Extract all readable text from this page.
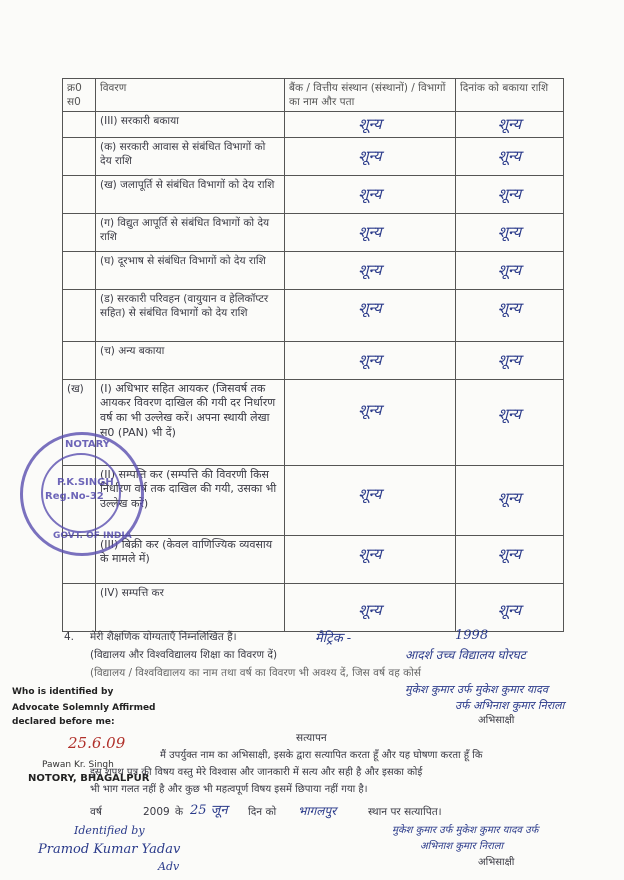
क्र0 स0	विवरण	बैंक / वित्तीय संस्थान (संस्थानों) / विभागों का नाम और पता	दिनांक को बकाया राशि
	(III) सरकारी बकाया	शून्य	शून्य

	(क) सरकारी आवास से संबंधित विभागों को देय राशि	शून्य	शून्य

	(ख) जलापूर्ति से संबंधित विभागों को देय राशि	शून्य	शून्य

	(ग) विद्युत आपूर्ति से संबंधित विभागों को देय राशि	शून्य	शून्य

	(घ) दूरभाष से संबंधित विभागों को देय राशि	शून्य	शून्य

	(ड) सरकारी परिवहन (वायुयान व हेलिकॉप्टर सहित) से संबंधित विभागों को देय राशि	शून्य	शून्य

	(च) अन्य बकाया	शून्य	शून्य

(ख)	(I) अधिभार सहित आयकर (जिसवर्ष तक आयकर विवरण दाखिल की गयी दर निर्धारण वर्ष का भी उल्लेख करें। अपना स्थायी लेखा स0 (PAN) भी दें)	शून्य	शून्य

	(II) सम्पत्ति कर (सम्पत्ति की विवरणी किस निर्धारण वर्ष तक दाखिल की गयी, उसका भी उल्लेख करें)	शून्य	शून्य

	(III) बिक्री कर (केवल वाणिज्यिक व्यवसाय के मामले में)	शून्य	शून्य

	(IV) सम्पत्ति कर	शून्य	शून्य
4. मेरी शैक्षणिक योग्यताएँ निम्नलिखित हैं।
(विद्यालय और विश्वविद्यालय शिक्षा का विवरण दें)
(विद्यालय / विश्वविद्यालय का नाम तथा वर्ष का विवरण भी अवश्य दें, जिस वर्ष वह कोर्स
मैट्रिक -	1998
आदर्श उच्च विद्यालय घोरघट
मुकेश कुमार उर्फ मुकेश कुमार यादव
उर्फ अभिनाश कुमार निराला
अभिसाक्षी
Who is identified by
Advocate Solemnly Affirmed
declared before me:
25.6.09
Pawan Kr. Singh
NOTORY, BHAGALPUR
NOTARY
P.K.SINGH
Reg.No-32
GOVT. OF INDIA
सत्यापन
मैं उपर्युक्त नाम का अभिसाक्षी, इसके द्वारा सत्यापित करता हूँ और यह घोषणा करता हूँ कि
इस शपथ पत्र की विषय वस्तु मेरे विश्वास और जानकारी में सत्य और सही है और इसका कोई
भी भाग गलत नहीं है और कुछ भी महत्वपूर्ण विषय इसमें छिपाया नहीं गया है।
वर्ष	2009 के 25 जून दिन को भागलपुर	स्थान पर सत्यापित।
मुकेश कुमार उर्फ मुकेश कुमार यादव उर्फ
अभिनाश कुमार निराला
अभिसाक्षी
Identified by
Pramod Kumar Yadav
Adv
